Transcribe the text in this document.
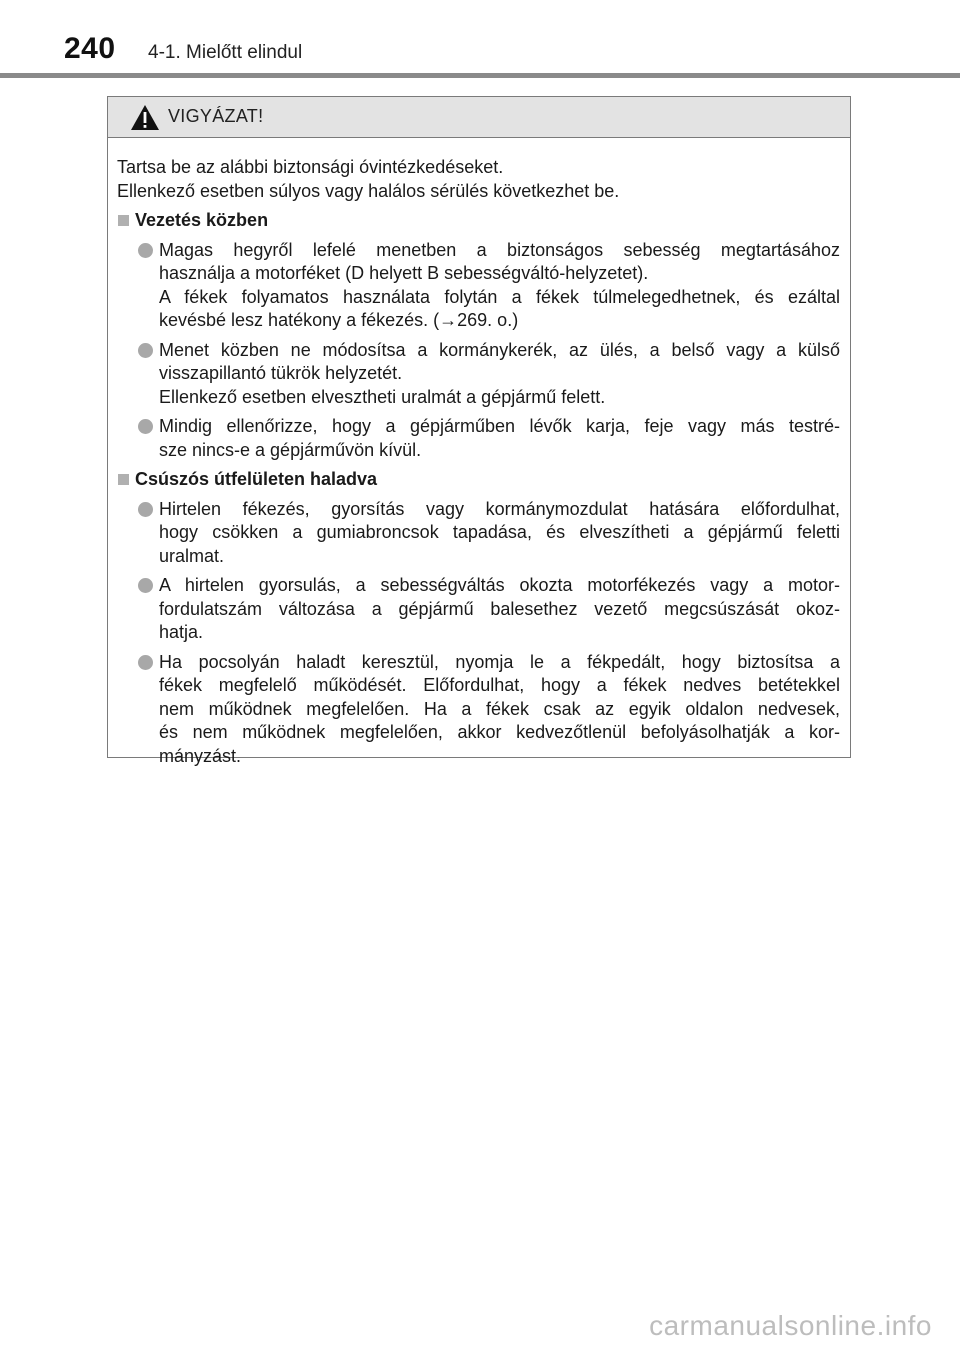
240 4-1. Mielőtt elindul
VIGYÁZAT!
Tartsa be az alábbi biztonsági óvintézkedéseket.
Ellenkező esetben súlyos vagy halálos sérülés következhet be.
Vezetés közben
Magas hegyről lefelé menetben a biztonságos sebesség megtartásához
használja a motorféket (D helyett B sebességváltó-helyzetet).
A fékek folyamatos használata folytán a fékek túlmelegedhetnek, és ezáltal
kevésbé lesz hatékony a fékezés. (→269. o.)
Menet közben ne módosítsa a kormánykerék, az ülés, a belső vagy a külső
visszapillantó tükrök helyzetét.
Ellenkező esetben elvesztheti uralmát a gépjármű felett.
Mindig ellenőrizze, hogy a gépjárműben lévők karja, feje vagy más testré-
sze nincs-e a gépjárművön kívül.
Csúszós útfelületen haladva
Hirtelen fékezés, gyorsítás vagy kormánymozdulat hatására előfordulhat,
hogy csökken a gumiabroncsok tapadása, és elveszítheti a gépjármű feletti
uralmat.
A hirtelen gyorsulás, a sebességváltás okozta motorfékezés vagy a motor-
fordulatszám változása a gépjármű balesethez vezető megcsúszását okoz-
hatja.
Ha pocsolyán haladt keresztül, nyomja le a fékpedált, hogy biztosítsa a
fékek megfelelő működését. Előfordulhat, hogy a fékek nedves betétekkel
nem működnek megfelelően. Ha a fékek csak az egyik oldalon nedvesek,
és nem működnek megfelelően, akkor kedvezőtlenül befolyásolhatják a kor-
mányzást.
carmanualsonline.info
